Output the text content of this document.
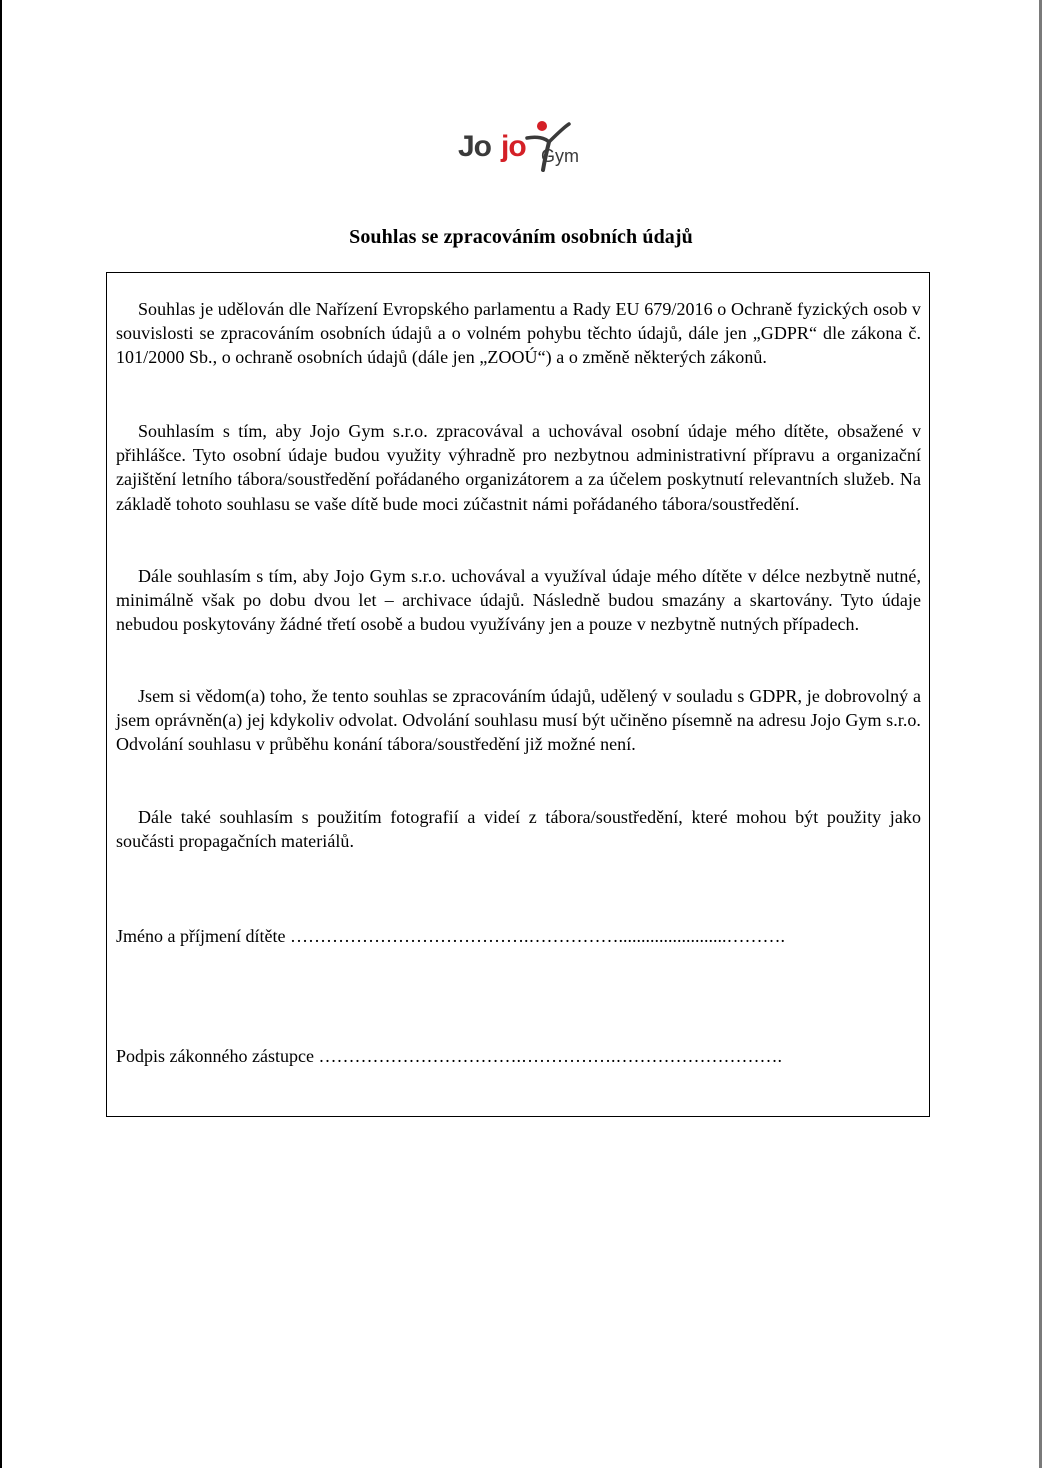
Jo jo Gym
Souhlas se zpracováním osobních údajů

Souhlas je udělován dle Nařízení Evropského parlamentu a Rady EU 679/2016 o Ochraně fyzických osob v souvislosti se zpracováním osobních údajů a o volném pohybu těchto údajů, dále jen „GDPR“ dle zákona č. 101/2000 Sb., o ochraně osobních údajů (dále jen „ZOOÚ“) a o změně některých zákonů.

Souhlasím s tím, aby Jojo Gym s.r.o. zpracovával a uchovával osobní údaje mého dítěte, obsažené v přihlášce. Tyto osobní údaje budou využity výhradně pro nezbytnou administrativní přípravu a organizační zajištění letního tábora/soustředění pořádaného organizátorem a za účelem poskytnutí relevantních služeb. Na základě tohoto souhlasu se vaše dítě bude moci zúčastnit námi pořádaného tábora/soustředění.

Dále souhlasím s tím, aby Jojo Gym s.r.o. uchovával a využíval údaje mého dítěte v délce nezbytně nutné, minimálně však po dobu dvou let – archivace údajů. Následně budou smazány a skartovány. Tyto údaje nebudou poskytovány žádné třetí osobě a budou využívány jen a pouze v nezbytně nutných případech.

Jsem si vědom(a) toho, že tento souhlas se zpracováním údajů, udělený v souladu s GDPR, je dobrovolný a jsem oprávněn(a) jej kdykoliv odvolat. Odvolání souhlasu musí být učiněno písemně na adresu Jojo Gym s.r.o. Odvolání souhlasu v průběhu konání tábora/soustředění již možné není.

Dále také souhlasím s použitím fotografií a videí z tábora/soustředění, které mohou být použity jako součásti propagačních materiálů.

Jméno a příjmení dítěte ………………………………….……………........................……….
Podpis zákonného zástupce …………………………….…………….……………………….
